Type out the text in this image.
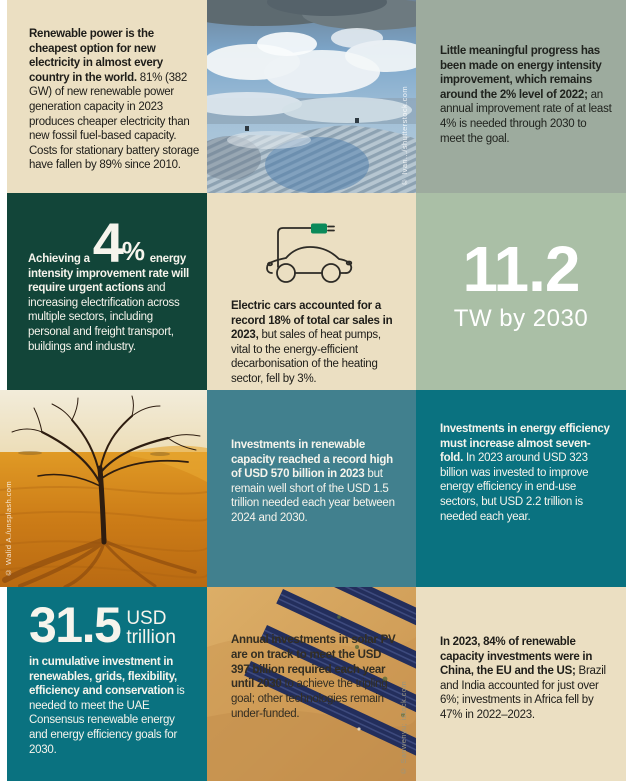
Renewable power is the cheapest option for new electricity in almost every country in the world. 81% (382 GW) of new renewable power generation capacity in 2023 produces cheaper electricity than new fossil fuel-based capacity. Costs for stationary battery storage have fallen by 89% since 2010.	© Ivan.../shutterstock.com

Little meaningful progress has been made on energy intensity improvement, which remains around the 2% level of 2022; an annual improvement rate of at least 4% is needed through 2030 to meet the goal.

Achieving a 4% energy intensity improvement rate will require urgent actions and increasing electrification across multiple sectors, including personal and freight transport, buildings and industry.

Electric cars accounted for a record 18% of total car sales in 2023, but sales of heat pumps, vital to the energy-efficient decarbonisation of the heating sector, fell by 3%.

11.2
TW by 2030
© Walid A./unsplash.com

Investments in renewable capacity reached a record high of USD 570 billion in 2023 but remain well short of the USD 1.5 trillion needed each year between 2024 and 2030.

Investments in energy efficiency must increase almost seven-fold. In 2023 around USD 323 billion was invested to improve energy efficiency in end-use sectors, but USD 2.2 trillion is needed each year.

31.5 USD
trillion

in cumulative investment in renewables, grids, flexibility, efficiency and conservation is needed to meet the UAE Consensus renewable energy and energy efficiency goals for 2030.

Annual investments in solar PV are on track to meet the USD 397 billion required each year until 2030 to achieve the tripling goal; other technologies remain under-funded.	© Sanwenyu; istock.com

In 2023, 84% of renewable capacity investments were in China, the EU and the US; Brazil and India accounted for just over 6%; investments in Africa fell by 47% in 2022–2023.
